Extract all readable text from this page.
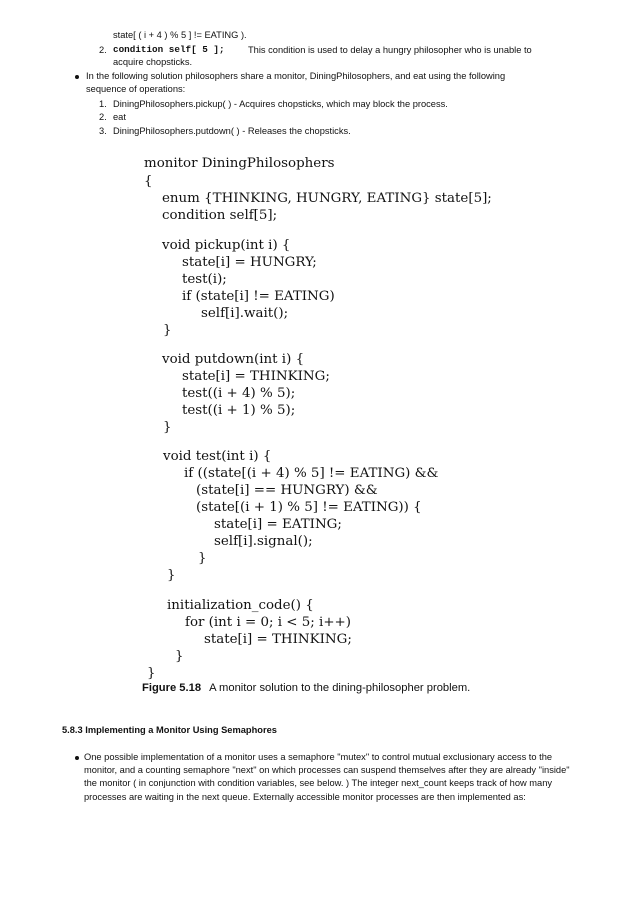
state[ ( i + 4 ) % 5 ] != EATING ).
2. condition self[ 5 ];	This condition is used to delay a hungry philosopher who is unable to
acquire chopsticks.
In the following solution philosophers share a monitor, DiningPhilosophers, and eat using the following
sequence of operations:
1. DiningPhilosophers.pickup( ) - Acquires chopsticks, which may block the process.
2. eat
3. DiningPhilosophers.putdown( ) - Releases the chopsticks.
monitor DiningPhilosophers
{
enum {THINKING, HUNGRY, EATING} state[5];
condition self[5];
void pickup(int i) {
state[i] = HUNGRY;
test(i);
if (state[i] != EATING)
self[i].wait();
}
void putdown(int i) {
state[i] = THINKING;
test((i + 4) % 5);
test((i + 1) % 5);
}
void test(int i) {
if ((state[(i + 4) % 5] != EATING) &&
(state[i] == HUNGRY) &&
(state[(i + 1) % 5] != EATING)) {
state[i] = EATING;
self[i].signal();
}
}
initialization_code() {
for (int i = 0; i < 5; i++)
state[i] = THINKING;
}
}
Figure 5.18 A monitor solution to the dining-philosopher problem.
5.8.3 Implementing a Monitor Using Semaphores
One possible implementation of a monitor uses a semaphore "mutex" to control mutual exclusionary access to the monitor, and a counting semaphore "next" on which processes can suspend themselves after they are already "inside" the monitor ( in conjunction with condition variables, see below. ) The integer next_count keeps track of how many processes are waiting in the next queue. Externally accessible monitor processes are then implemented as:
